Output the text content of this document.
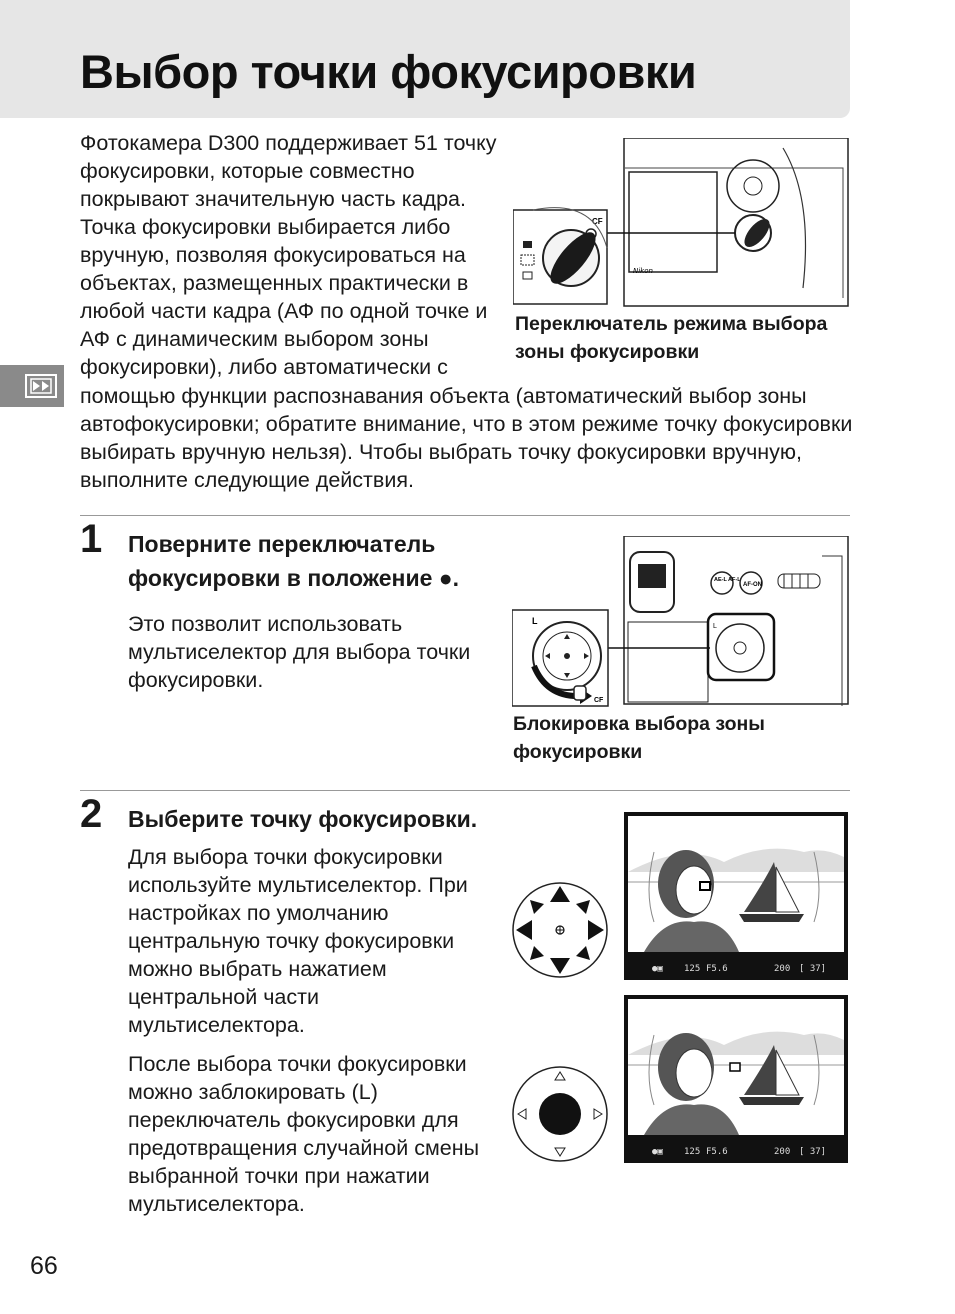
Выбор точки фокусировки

Фотокамера D300 поддерживает 51 точку фокусировки, которые совместно покрывают значительную часть кадра. Точка фокусировки выбирается либо вручную, позволяя фокусироваться на объектах, размещенных практически в любой части кадра (АФ по одной точке и АФ с динамическим выбором зоны фокусировки), либо автоматически с

помощью функции распознавания объекта (автоматический выбор зоны автофокусировки; обратите внимание, что в этом режиме точку фокусировки выбирать вручную нельзя). Чтобы выбрать точку фокусировки вручную, выполните следующие действия.

Nikon
CF

Переключатель режима выбора зоны фокусировки

1 Поверните переключатель фокусировки в положение ●.

Это позволит использовать мультиселектор для выбора точки фокусировки.

AE-L AF-L
AF-ON
L
L
CF

Блокировка выбора зоны фокусировки

2 Выберите точку фокусировки.

Для выбора точки фокусировки используйте мультиселектор. При настройках по умолчанию центральную точку фокусировки можно выбрать нажатием центральной части мультиселектора.

После выбора точки фокусировки можно заблокировать (L) переключатель фокусировки для предотвращения случайной смены выбранной точки при нажатии мультиселектора.

●▣ 125 F5.6	200 [ 37]
●▣ 125 F5.6	200 [ 37]
66
